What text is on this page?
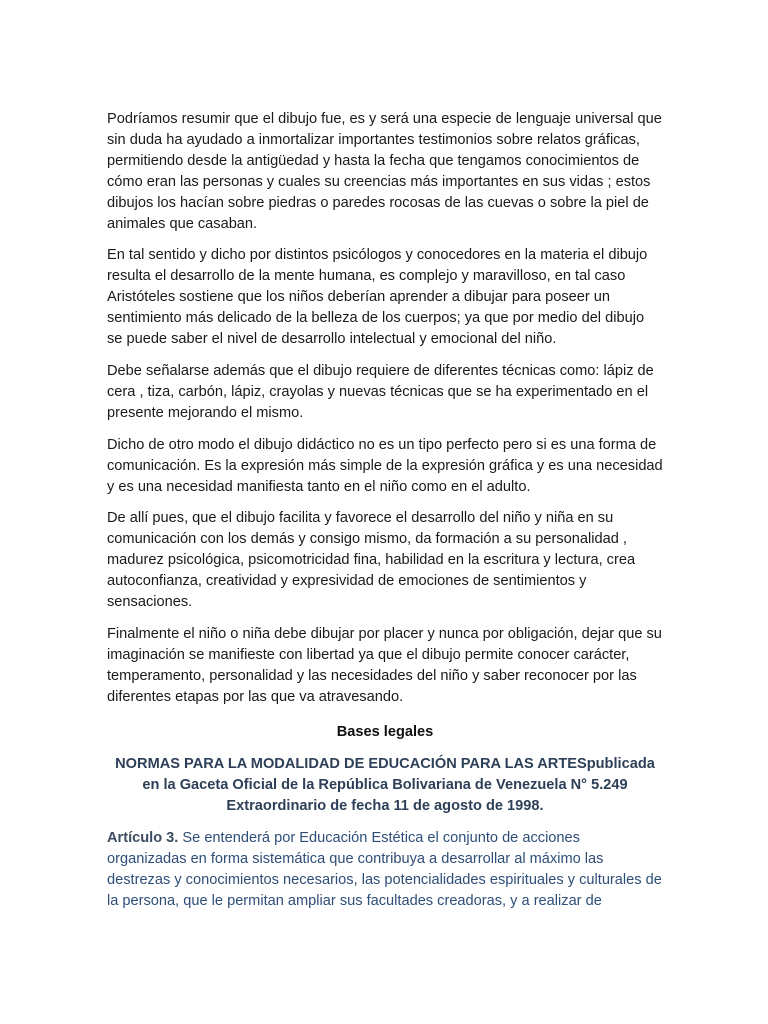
Podríamos resumir que el dibujo fue, es y será una especie de lenguaje universal que sin duda ha ayudado a inmortalizar importantes testimonios sobre relatos gráficas, permitiendo desde la antigüedad y hasta la fecha que tengamos conocimientos de cómo eran las personas y cuales su creencias más importantes en sus vidas ; estos dibujos los hacían sobre piedras o paredes rocosas de las cuevas o sobre la piel de animales que casaban.

En tal sentido y dicho por distintos psicólogos y conocedores en la materia el dibujo resulta el desarrollo de la mente humana, es complejo y maravilloso, en tal caso Aristóteles sostiene que los niños deberían aprender a dibujar para poseer un sentimiento más delicado de la belleza de los cuerpos; ya que por medio del dibujo se puede saber el nivel de desarrollo intelectual y emocional del niño.

Debe señalarse además que el dibujo requiere de diferentes técnicas como: lápiz de cera , tiza, carbón, lápiz, crayolas y nuevas técnicas que se ha experimentado en el presente mejorando el mismo.

Dicho de otro modo el dibujo didáctico no es un tipo perfecto pero si es una forma de comunicación. Es la expresión más simple de la expresión gráfica y es una necesidad y es una necesidad manifiesta tanto en el niño como en el adulto.

De allí pues, que el dibujo facilita y favorece el desarrollo del niño y niña en su comunicación con los demás y consigo mismo, da formación a su personalidad , madurez psicológica, psicomotricidad fina, habilidad en la escritura y lectura, crea autoconfianza, creatividad y expresividad de emociones de sentimientos y sensaciones.

Finalmente el niño o niña debe dibujar por placer y nunca por obligación, dejar que su imaginación se manifieste con libertad ya que el dibujo permite conocer carácter, temperamento, personalidad y las necesidades del niño y saber reconocer por las diferentes etapas por las que va atravesando.

Bases legales

NORMAS PARA LA MODALIDAD DE EDUCACIÓN PARA LAS ARTESpublicada en la Gaceta Oficial de la República Bolivariana de Venezuela N° 5.249 Extraordinario de fecha 11 de agosto de 1998.

Artículo 3. Se entenderá por Educación Estética el conjunto de acciones organizadas en forma sistemática que contribuya a desarrollar al máximo las destrezas y conocimientos necesarios, las potencialidades espirituales y culturales de la persona, que le permitan ampliar sus facultades creadoras, y a realizar de
